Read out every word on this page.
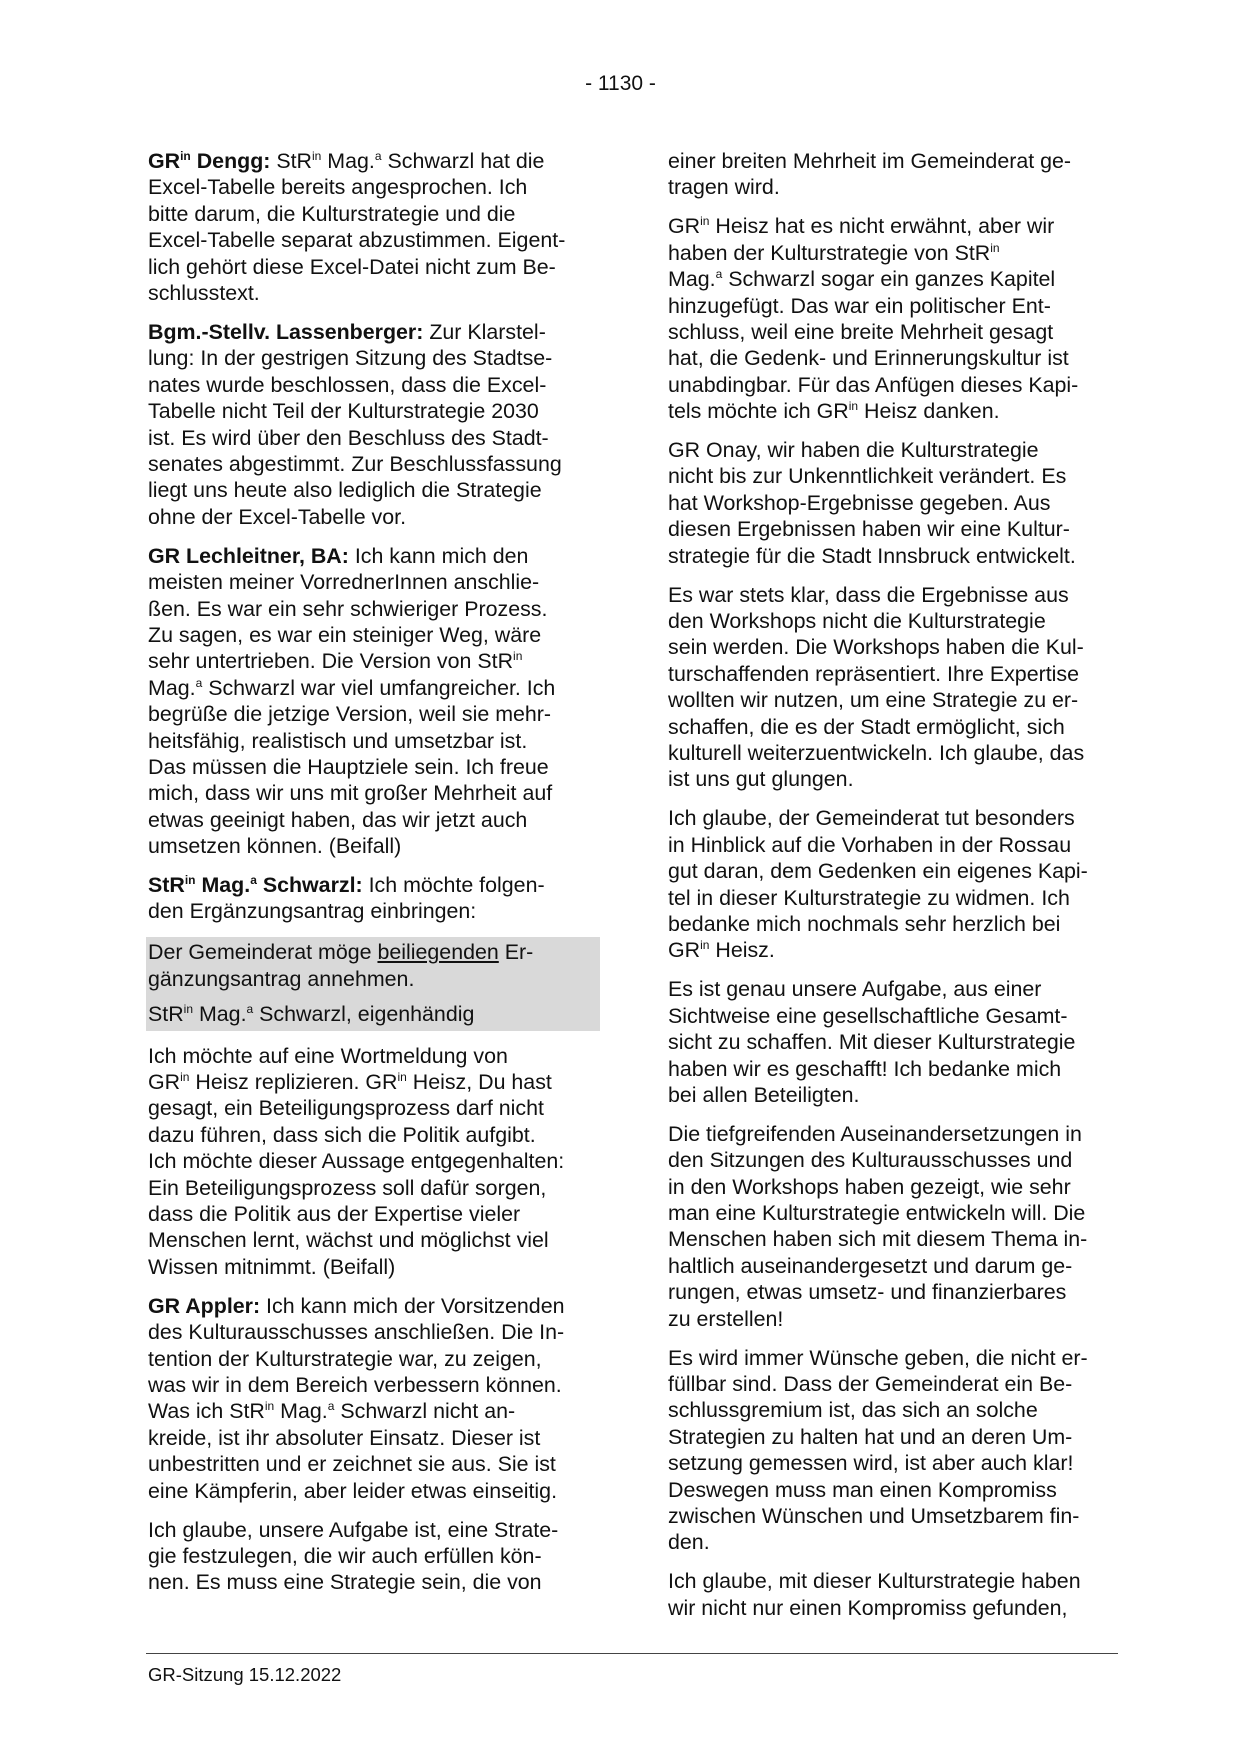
- 1130 -

$GR^{in}$ Dengg: StR$^{in}$ Mag.$^a$ Schwarzl hat die
Excel-Tabelle bereits angesprochen. Ich
bitte darum, die Kulturstrategie und die
Excel-Tabelle separat abzustimmen. Eigent-
lich gehört diese Excel-Datei nicht zum Be-
schlusstext.

Bgm.-Stellv. Lassenberger: Zur Klarstel-
lung: In der gestrigen Sitzung des Stadtse-
nates wurde beschlossen, dass die Excel-
Tabelle nicht Teil der Kulturstrategie 2030
ist. Es wird über den Beschluss des Stadt-
senates abgestimmt. Zur Beschlussfassung
liegt uns heute also lediglich die Strategie
ohne der Excel-Tabelle vor.

GR Lechleitner, BA: Ich kann mich den
meisten meiner VorrednerInnen anschlie-
ßen. Es war ein sehr schwieriger Prozess.
Zu sagen, es war ein steiniger Weg, wäre
sehr untertrieben. Die Version von StR$^{in}$
Mag.$^a$ Schwarzl war viel umfangreicher. Ich
begrüße die jetzige Version, weil sie mehr-
heitsfähig, realistisch und umsetzbar ist.
Das müssen die Hauptziele sein. Ich freue
mich, dass wir uns mit großer Mehrheit auf
etwas geeinigt haben, das wir jetzt auch
umsetzen können. (Beifall)

StR$^{in}$ Mag.$^a$ Schwarzl: Ich möchte folgen-
den Ergänzungsantrag einbringen:

Der Gemeinderat möge beiliegenden Er-
gänzungsantrag annehmen.

StR$^{in}$ Mag.$^a$ Schwarzl, eigenhändig

Ich möchte auf eine Wortmeldung von
$GR^{in}$ Heisz replizieren. $GR^{in}$ Heisz, Du hast
gesagt, ein Beteiligungsprozess darf nicht
dazu führen, dass sich die Politik aufgibt.
Ich möchte dieser Aussage entgegenhalten:
Ein Beteiligungsprozess soll dafür sorgen,
dass die Politik aus der Expertise vieler
Menschen lernt, wächst und möglichst viel
Wissen mitnimmt. (Beifall)

GR Appler: Ich kann mich der Vorsitzenden
des Kulturausschusses anschließen. Die In-
tention der Kulturstrategie war, zu zeigen,
was wir in dem Bereich verbessern können.
Was ich StR$^{in}$ Mag.$^a$ Schwarzl nicht an-
kreide, ist ihr absoluter Einsatz. Dieser ist
unbestritten und er zeichnet sie aus. Sie ist
eine Kämpferin, aber leider etwas einseitig.

Ich glaube, unsere Aufgabe ist, eine Strate-
gie festzulegen, die wir auch erfüllen kön-
nen. Es muss eine Strategie sein, die von

einer breiten Mehrheit im Gemeinderat ge-
tragen wird.

$GR^{in}$ Heisz hat es nicht erwähnt, aber wir
haben der Kulturstrategie von StR$^{in}$
Mag.$^a$ Schwarzl sogar ein ganzes Kapitel
hinzugefügt. Das war ein politischer Ent-
schluss, weil eine breite Mehrheit gesagt
hat, die Gedenk- und Erinnerungskultur ist
unabdingbar. Für das Anfügen dieses Kapi-
tels möchte ich $GR^{in}$ Heisz danken.

GR Onay, wir haben die Kulturstrategie
nicht bis zur Unkenntlichkeit verändert. Es
hat Workshop-Ergebnisse gegeben. Aus
diesen Ergebnissen haben wir eine Kultur-
strategie für die Stadt Innsbruck entwickelt.

Es war stets klar, dass die Ergebnisse aus
den Workshops nicht die Kulturstrategie
sein werden. Die Workshops haben die Kul-
turschaffenden repräsentiert. Ihre Expertise
wollten wir nutzen, um eine Strategie zu er-
schaffen, die es der Stadt ermöglicht, sich
kulturell weiterzuentwickeln. Ich glaube, das
ist uns gut glungen.

Ich glaube, der Gemeinderat tut besonders
in Hinblick auf die Vorhaben in der Rossau
gut daran, dem Gedenken ein eigenes Kapi-
tel in dieser Kulturstrategie zu widmen. Ich
bedanke mich nochmals sehr herzlich bei
$GR^{in}$ Heisz.

Es ist genau unsere Aufgabe, aus einer
Sichtweise eine gesellschaftliche Gesamt-
sicht zu schaffen. Mit dieser Kulturstrategie
haben wir es geschafft! Ich bedanke mich
bei allen Beteiligten.

Die tiefgreifenden Auseinandersetzungen in
den Sitzungen des Kulturausschusses und
in den Workshops haben gezeigt, wie sehr
man eine Kulturstrategie entwickeln will. Die
Menschen haben sich mit diesem Thema in-
haltlich auseinandergesetzt und darum ge-
rungen, etwas umsetz- und finanzierbares
zu erstellen!

Es wird immer Wünsche geben, die nicht er-
füllbar sind. Dass der Gemeinderat ein Be-
schlussgremium ist, das sich an solche
Strategien zu halten hat und an deren Um-
setzung gemessen wird, ist aber auch klar!
Deswegen muss man einen Kompromiss
zwischen Wünschen und Umsetzbarem fin-
den.

Ich glaube, mit dieser Kulturstrategie haben
wir nicht nur einen Kompromiss gefunden,

GR-Sitzung 15.12.2022
